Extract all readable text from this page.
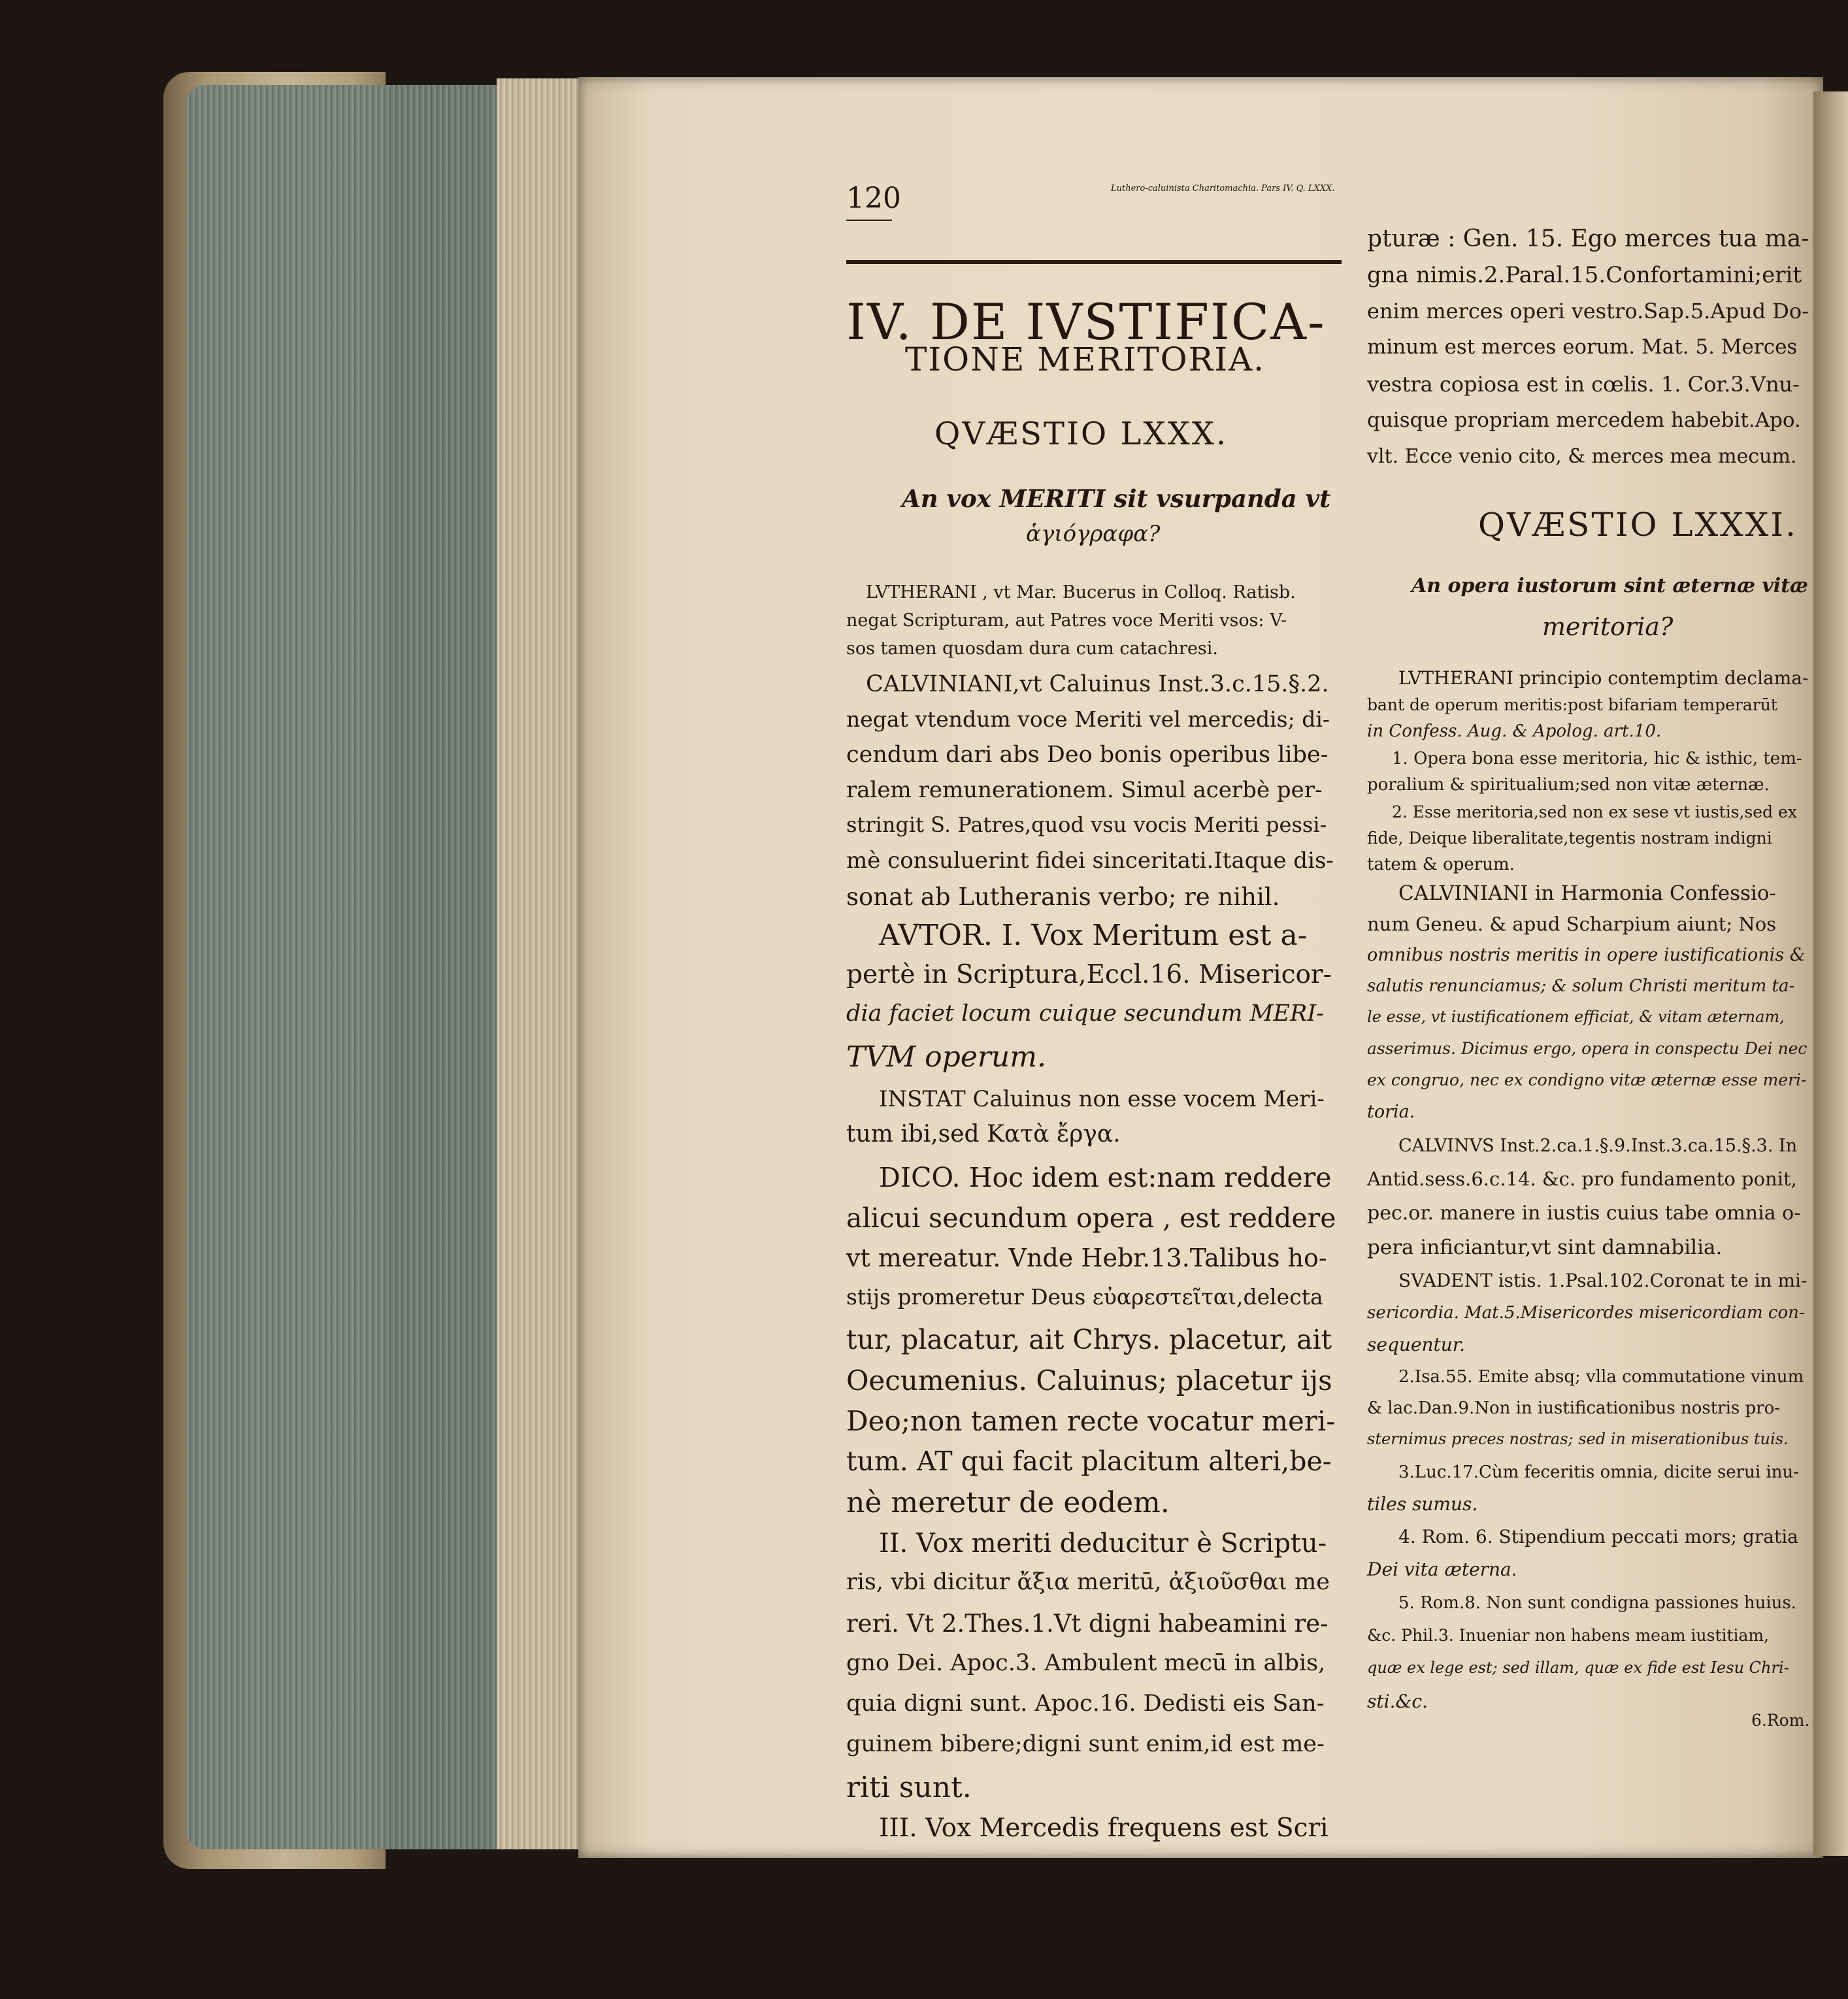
120	Luthero-caluinista Charitomachia. Pars IV. Q. LXXX.
IV. DE IVSTIFICA-
TIONE MERITORIA.
QVÆSTIO LXXX.
An vox MERITI sit vsurpanda vt
ἁγιόγραφα?
LVTHERANI , vt Mar. Bucerus in Colloq. Ratisb.
negat Scripturam, aut Patres voce Meriti vsos: V-
sos tamen quosdam dura cum catachresi.
CALVINIANI,vt Caluinus Inst.3.c.15.§.2.
negat vtendum voce Meriti vel mercedis; di-
cendum dari abs Deo bonis operibus libe-
ralem remunerationem. Simul acerbè per-
stringit S. Patres,quod vsu vocis Meriti pessi-
mè consuluerint fidei sinceritati.Itaque dis-
sonat ab Lutheranis verbo; re nihil.
AVTOR. I. Vox Meritum est a-
pertè in Scriptura,Eccl.16. Misericor-
dia faciet locum cuique secundum MERI-
TVM operum.
INSTAT Caluinus non esse vocem Meri-
tum ibi,sed Κατὰ ἔργα.
DICO. Hoc idem est:nam reddere
alicui secundum opera , est reddere
vt mereatur. Vnde Hebr.13.Talibus ho-
stijs promeretur Deus εὐαρεστεῖται,delecta
tur, placatur, ait Chrys. placetur, ait
Oecumenius. Caluinus; placetur ijs
Deo;non tamen recte vocatur meri-
tum. AT qui facit placitum alteri,be-
nè meretur de eodem.
II. Vox meriti deducitur è Scriptu-
ris, vbi dicitur ἄξια meritū, ἀξιοῦσθαι me
reri. Vt 2.Thes.1.Vt digni habeamini re-
gno Dei. Apoc.3. Ambulent mecū in albis,
quia digni sunt. Apoc.16. Dedisti eis San-
guinem bibere;digni sunt enim,id est me-
riti sunt.
III. Vox Mercedis frequens est Scri
pturæ : Gen. 15. Ego merces tua ma-
gna nimis.2.Paral.15.Confortamini;erit
enim merces operi vestro.Sap.5.Apud Do-
minum est merces eorum. Mat. 5. Merces
vestra copiosa est in cœlis. 1. Cor.3.Vnu-
quisque propriam mercedem habebit.Apo.
vlt. Ecce venio cito, & merces mea mecum.
QVÆSTIO LXXXI.
An opera iustorum sint æternæ vitæ
meritoria?
LVTHERANI principio contemptim declama-
bant de operum meritis:post bifariam temperarūt
in Confess. Aug. & Apolog. art.10.
1. Opera bona esse meritoria, hic & isthic, tem-
poralium & spiritualium;sed non vitæ æternæ.
2. Esse meritoria,sed non ex sese vt iustis,sed ex
fide, Deique liberalitate,tegentis nostram indigni
tatem & operum.
CALVINIANI in Harmonia Confessio-
num Geneu. & apud Scharpium aiunt; Nos
omnibus nostris meritis in opere iustificationis &
salutis renunciamus; & solum Christi meritum ta-
le esse, vt iustificationem efficiat, & vitam æternam,
asserimus. Dicimus ergo, opera in conspectu Dei nec
ex congruo, nec ex condigno vitæ æternæ esse meri-
toria.
CALVINVS Inst.2.ca.1.§.9.Inst.3.ca.15.§.3. In
Antid.sess.6.c.14. &c. pro fundamento ponit,
pec.or. manere in iustis cuius tabe omnia o-
pera inficiantur,vt sint damnabilia.
SVADENT istis. 1.Psal.102.Coronat te in mi-
sericordia. Mat.5.Misericordes misericordiam con-
sequentur.
2.Isa.55. Emite absq; vlla commutatione vinum
& lac.Dan.9.Non in iustificationibus nostris pro-
sternimus preces nostras; sed in miserationibus tuis.
3.Luc.17.Cùm feceritis omnia, dicite serui inu-
tiles sumus.
4. Rom. 6. Stipendium peccati mors; gratia
Dei vita æterna.
5. Rom.8. Non sunt condigna passiones huius.
&c. Phil.3. Inueniar non habens meam iustitiam,
quæ ex lege est; sed illam, quæ ex fide est Iesu Chri-
sti.&c.
6.Rom.
